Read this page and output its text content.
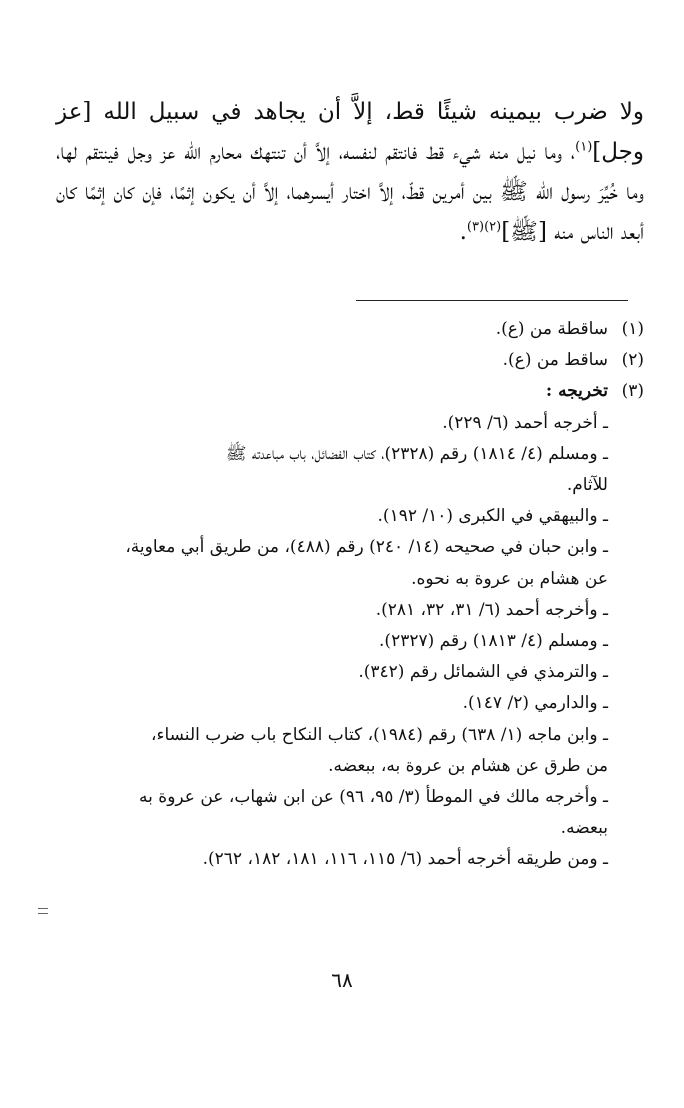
ولا ضرب بيمينه شيئًا قط، إلاَّ أن يجاهد في سبيل الله [عز وجل]$^{(١)}$، وما نيل منه شيء قط فانتقم لنفسه، إلاَّ أن تنتهك محارم الله عز وجل فينتقم لها، وما خُيِّرَ رسول الله ﷺ بين أمرين قطّ، إلاَّ اختار أيسرهما، إلاَّ أن يكون إثمًا، فإن كان إثمًا كان أبعد الناس منه [ﷺ]$^{(٢)(٣)}$.

(١)
ساقطة من (ع).
(٢)
ساقط من (ع).
(٣)
تخريجه :
ـ أخرجه أحمد (٦/ ٢٢٩).
ـ ومسلم (٤/ ١٨١٤) رقم (٢٣٢٨)، كتاب الفضائل، باب مباعدته ﷺ
للآثام.
ـ والبيهقي في الكبرى (١٠/ ١٩٢).
ـ وابن حبان في صحيحه (١٤/ ٢٤٠) رقم (٤٨٨)، من طريق أبي معاوية،
عن هشام بن عروة به نحوه.
ـ وأخرجه أحمد (٦/ ٣١، ٣٢، ٢٨١).
ـ ومسلم (٤/ ١٨١٣) رقم (٢٣٢٧).
ـ والترمذي في الشمائل رقم (٣٤٢).
ـ والدارمي (٢/ ١٤٧).
ـ وابن ماجه (١/ ٦٣٨) رقم (١٩٨٤)، كتاب النكاح باب ضرب النساء،
من طرق عن هشام بن عروة به، ببعضه.
ـ وأخرجه مالك في الموطأ (٣/ ٩٥، ٩٦) عن ابن شهاب، عن عروة به
ببعضه.
ـ ومن طريقه أخرجه أحمد (٦/ ١١٥، ١١٦، ١٨١، ١٨٢، ٢٦٢).
٦٨
